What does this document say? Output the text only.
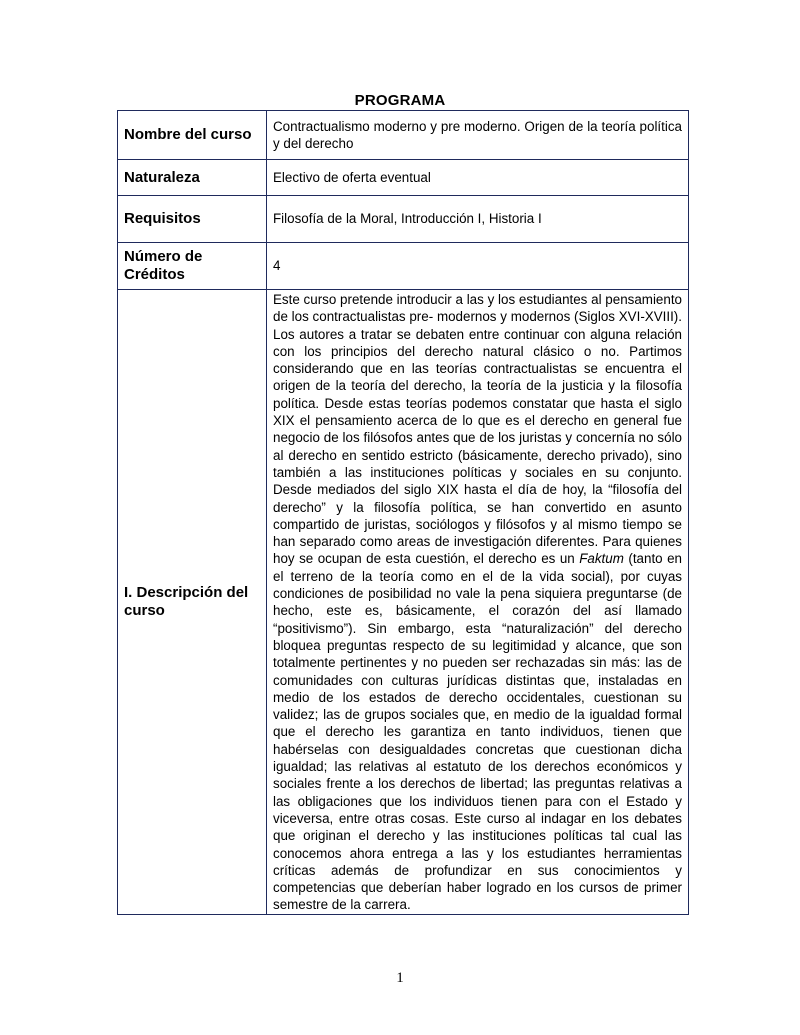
PROGRAMA
Nombre del curso	Contractualismo moderno y pre moderno. Origen de la teoría política y del derecho
Naturaleza	Electivo de oferta eventual
Requisitos	Filosofía de la Moral, Introducción I, Historia I
Número de Créditos	4
I. Descripción del curso	Este curso pretende introducir a las y los estudiantes al pensamiento de los contractualistas pre- modernos y modernos (Siglos XVI-XVIII). Los autores a tratar se debaten entre continuar con alguna relación con los principios del derecho natural clásico o no. Partimos considerando que en las teorías contractualistas se encuentra el origen de la teoría del derecho, la teoría de la justicia y la filosofía política. Desde estas teorías podemos constatar que hasta el siglo XIX el pensamiento acerca de lo que es el derecho en general fue negocio de los filósofos antes que de los juristas y concernía no sólo al derecho en sentido estricto (básicamente, derecho privado), sino también a las instituciones políticas y sociales en su conjunto. Desde mediados del siglo XIX hasta el día de hoy, la “filosofía del derecho” y la filosofía política, se han convertido en asunto compartido de juristas, sociólogos y filósofos y al mismo tiempo se han separado como areas de investigación diferentes. Para quienes hoy se ocupan de esta cuestión, el derecho es un Faktum (tanto en el terreno de la teoría como en el de la vida social), por cuyas condiciones de posibilidad no vale la pena siquiera preguntarse (de hecho, este es, básicamente, el corazón del así llamado “positivismo”). Sin embargo, esta “naturalización” del derecho bloquea preguntas respecto de su legitimidad y alcance, que son totalmente pertinentes y no pueden ser rechazadas sin más: las de comunidades con culturas jurídicas distintas que, instaladas en medio de los estados de derecho occidentales, cuestionan su validez; las de grupos sociales que, en medio de la igualdad formal que el derecho les garantiza en tanto individuos, tienen que habérselas con desigualdades concretas que cuestionan dicha igualdad; las relativas al estatuto de los derechos económicos y sociales frente a los derechos de libertad; las preguntas relativas a las obligaciones que los individuos tienen para con el Estado y viceversa, entre otras cosas. Este curso al indagar en los debates que originan el derecho y las instituciones políticas tal cual las conocemos ahora entrega a las y los estudiantes herramientas críticas además de profundizar en sus conocimientos y competencias que deberían haber logrado en los cursos de primer semestre de la carrera.
1
